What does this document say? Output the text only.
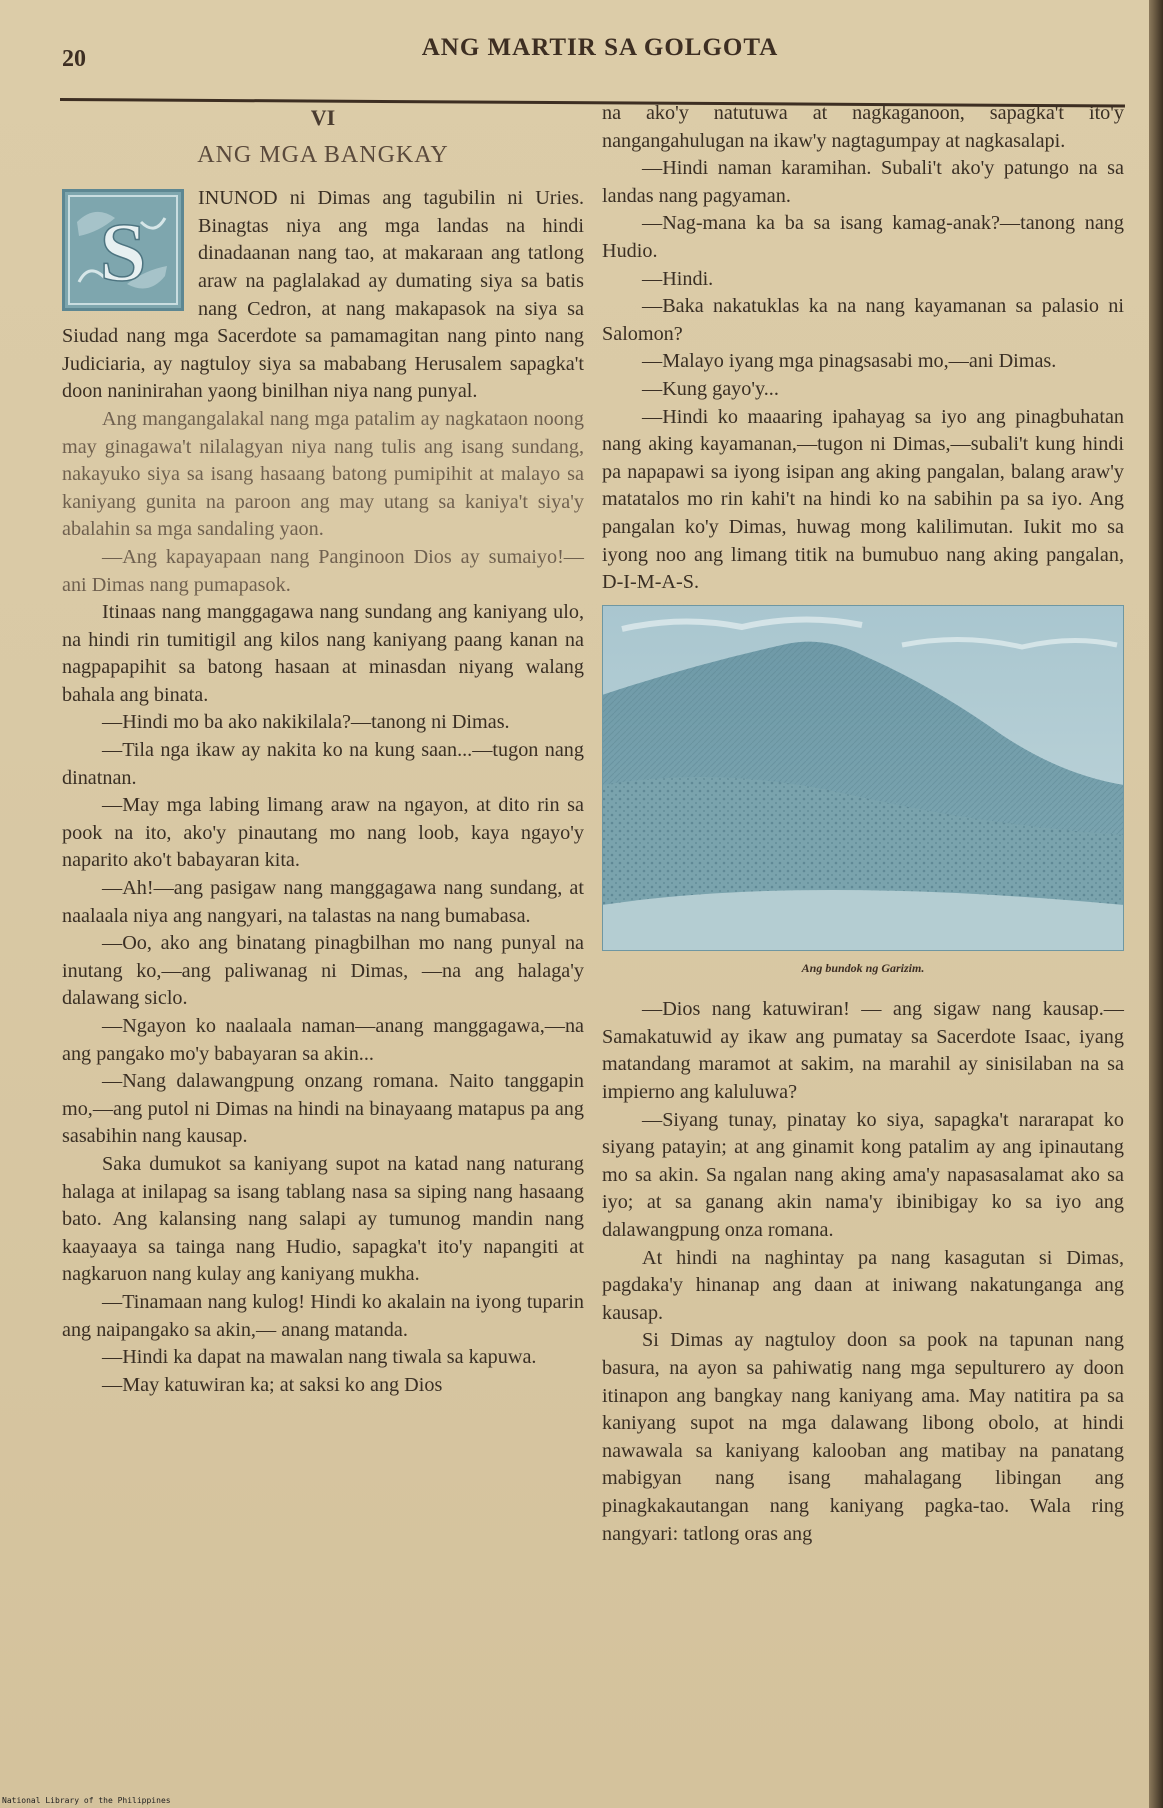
20	ANG MARTIR SA GOLGOTA
VI
ANG MGA BANGKAY
S

INUNOD ni Dimas ang tagubilin ni Uries. Binagtas niya ang mga landas na hindi dinadaanan nang tao, at makaraan ang tatlong araw na paglalakad ay dumating siya sa batis nang Cedron, at nang makapasok na siya sa Siudad nang mga Sacerdote sa pamamagitan nang pinto nang Judiciaria, ay nagtuloy siya sa mababang Herusalem sapagka't doon naninirahan yaong binilhan niya nang punyal.

Ang mangangalakal nang mga patalim ay nagkataon noong may ginagawa't nilalagyan niya nang tulis ang isang sundang, nakayuko siya sa isang hasaang batong pumipihit at malayo sa kaniyang gunita na paroon ang may utang sa kaniya't siya'y abalahin sa mga sandaling yaon.

—Ang kapayapaan nang Panginoon Dios ay sumaiyo!—ani Dimas nang pumapasok.

Itinaas nang manggagawa nang sundang ang kaniyang ulo, na hindi rin tumitigil ang kilos nang kaniyang paang kanan na nagpapapihit sa batong hasaan at minasdan niyang walang bahala ang binata.

—Hindi mo ba ako nakikilala?—tanong ni Dimas.

—Tila nga ikaw ay nakita ko na kung saan...—tugon nang dinatnan.

—May mga labing limang araw na ngayon, at dito rin sa pook na ito, ako'y pinautang mo nang loob, kaya ngayo'y naparito ako't babayaran kita.

—Ah!—ang pasigaw nang manggagawa nang sundang, at naalaala niya ang nangyari, na talastas na nang bumabasa.

—Oo, ako ang binatang pinagbilhan mo nang punyal na inutang ko,—ang paliwanag ni Dimas, —na ang halaga'y dalawang siclo.

—Ngayon ko naalaala naman—anang manggagawa,—na ang pangako mo'y babayaran sa akin...

—Nang dalawangpung onzang romana. Naito tanggapin mo,—ang putol ni Dimas na hindi na binayaang matapus pa ang sasabihin nang kausap.

Saka dumukot sa kaniyang supot na katad nang naturang halaga at inilapag sa isang tablang nasa sa siping nang hasaang bato. Ang kalansing nang salapi ay tumunog mandin nang kaayaaya sa tainga nang Hudio, sapagka't ito'y napangiti at nagkaruon nang kulay ang kaniyang mukha.

—Tinamaan nang kulog! Hindi ko akalain na iyong tuparin ang naipangako sa akin,— anang matanda.

—Hindi ka dapat na mawalan nang tiwala sa kapuwa.

—May katuwiran ka; at saksi ko ang Dios

na ako'y natutuwa at nagkaganoon, sapagka't ito'y nangangahulugan na ikaw'y nagtagumpay at nagkasalapi.

—Hindi naman karamihan. Subali't ako'y patungo na sa landas nang pagyaman.

—Nag-mana ka ba sa isang kamag-anak?—tanong nang Hudio.

—Hindi.

—Baka nakatuklas ka na nang kayamanan sa palasio ni Salomon?

—Malayo iyang mga pinagsasabi mo,—ani Dimas.

—Kung gayo'y...

—Hindi ko maaaring ipahayag sa iyo ang pinagbuhatan nang aking kayamanan,—tugon ni Dimas,—subali't kung hindi pa napapawi sa iyong isipan ang aking pangalan, balang araw'y matatalos mo rin kahi't na hindi ko na sabihin pa sa iyo. Ang pangalan ko'y Dimas, huwag mong kalilimutan. Iukit mo sa iyong noo ang limang titik na bumubuo nang aking pangalan, D-I-M-A-S.

Ang bundok ng Garizim.

—Dios nang katuwiran! — ang sigaw nang kausap.—Samakatuwid ay ikaw ang pumatay sa Sacerdote Isaac, iyang matandang maramot at sakim, na marahil ay sinisilaban na sa impierno ang kaluluwa?

—Siyang tunay, pinatay ko siya, sapagka't nararapat ko siyang patayin; at ang ginamit kong patalim ay ang ipinautang mo sa akin. Sa ngalan nang aking ama'y napasasalamat ako sa iyo; at sa ganang akin nama'y ibinibigay ko sa iyo ang dalawangpung onza romana.

At hindi na naghintay pa nang kasagutan si Dimas, pagdaka'y hinanap ang daan at iniwang nakatunganga ang kausap.

Si Dimas ay nagtuloy doon sa pook na tapunan nang basura, na ayon sa pahiwatig nang mga sepulturero ay doon itinapon ang bangkay nang kaniyang ama. May natitira pa sa kaniyang supot na mga dalawang libong obolo, at hindi nawawala sa kaniyang kalooban ang matibay na panatang mabigyan nang isang mahalagang libingan ang pinagkakautangan nang kaniyang pagka-tao. Wala ring nangyari: tatlong oras ang

National Library of the Philippines
